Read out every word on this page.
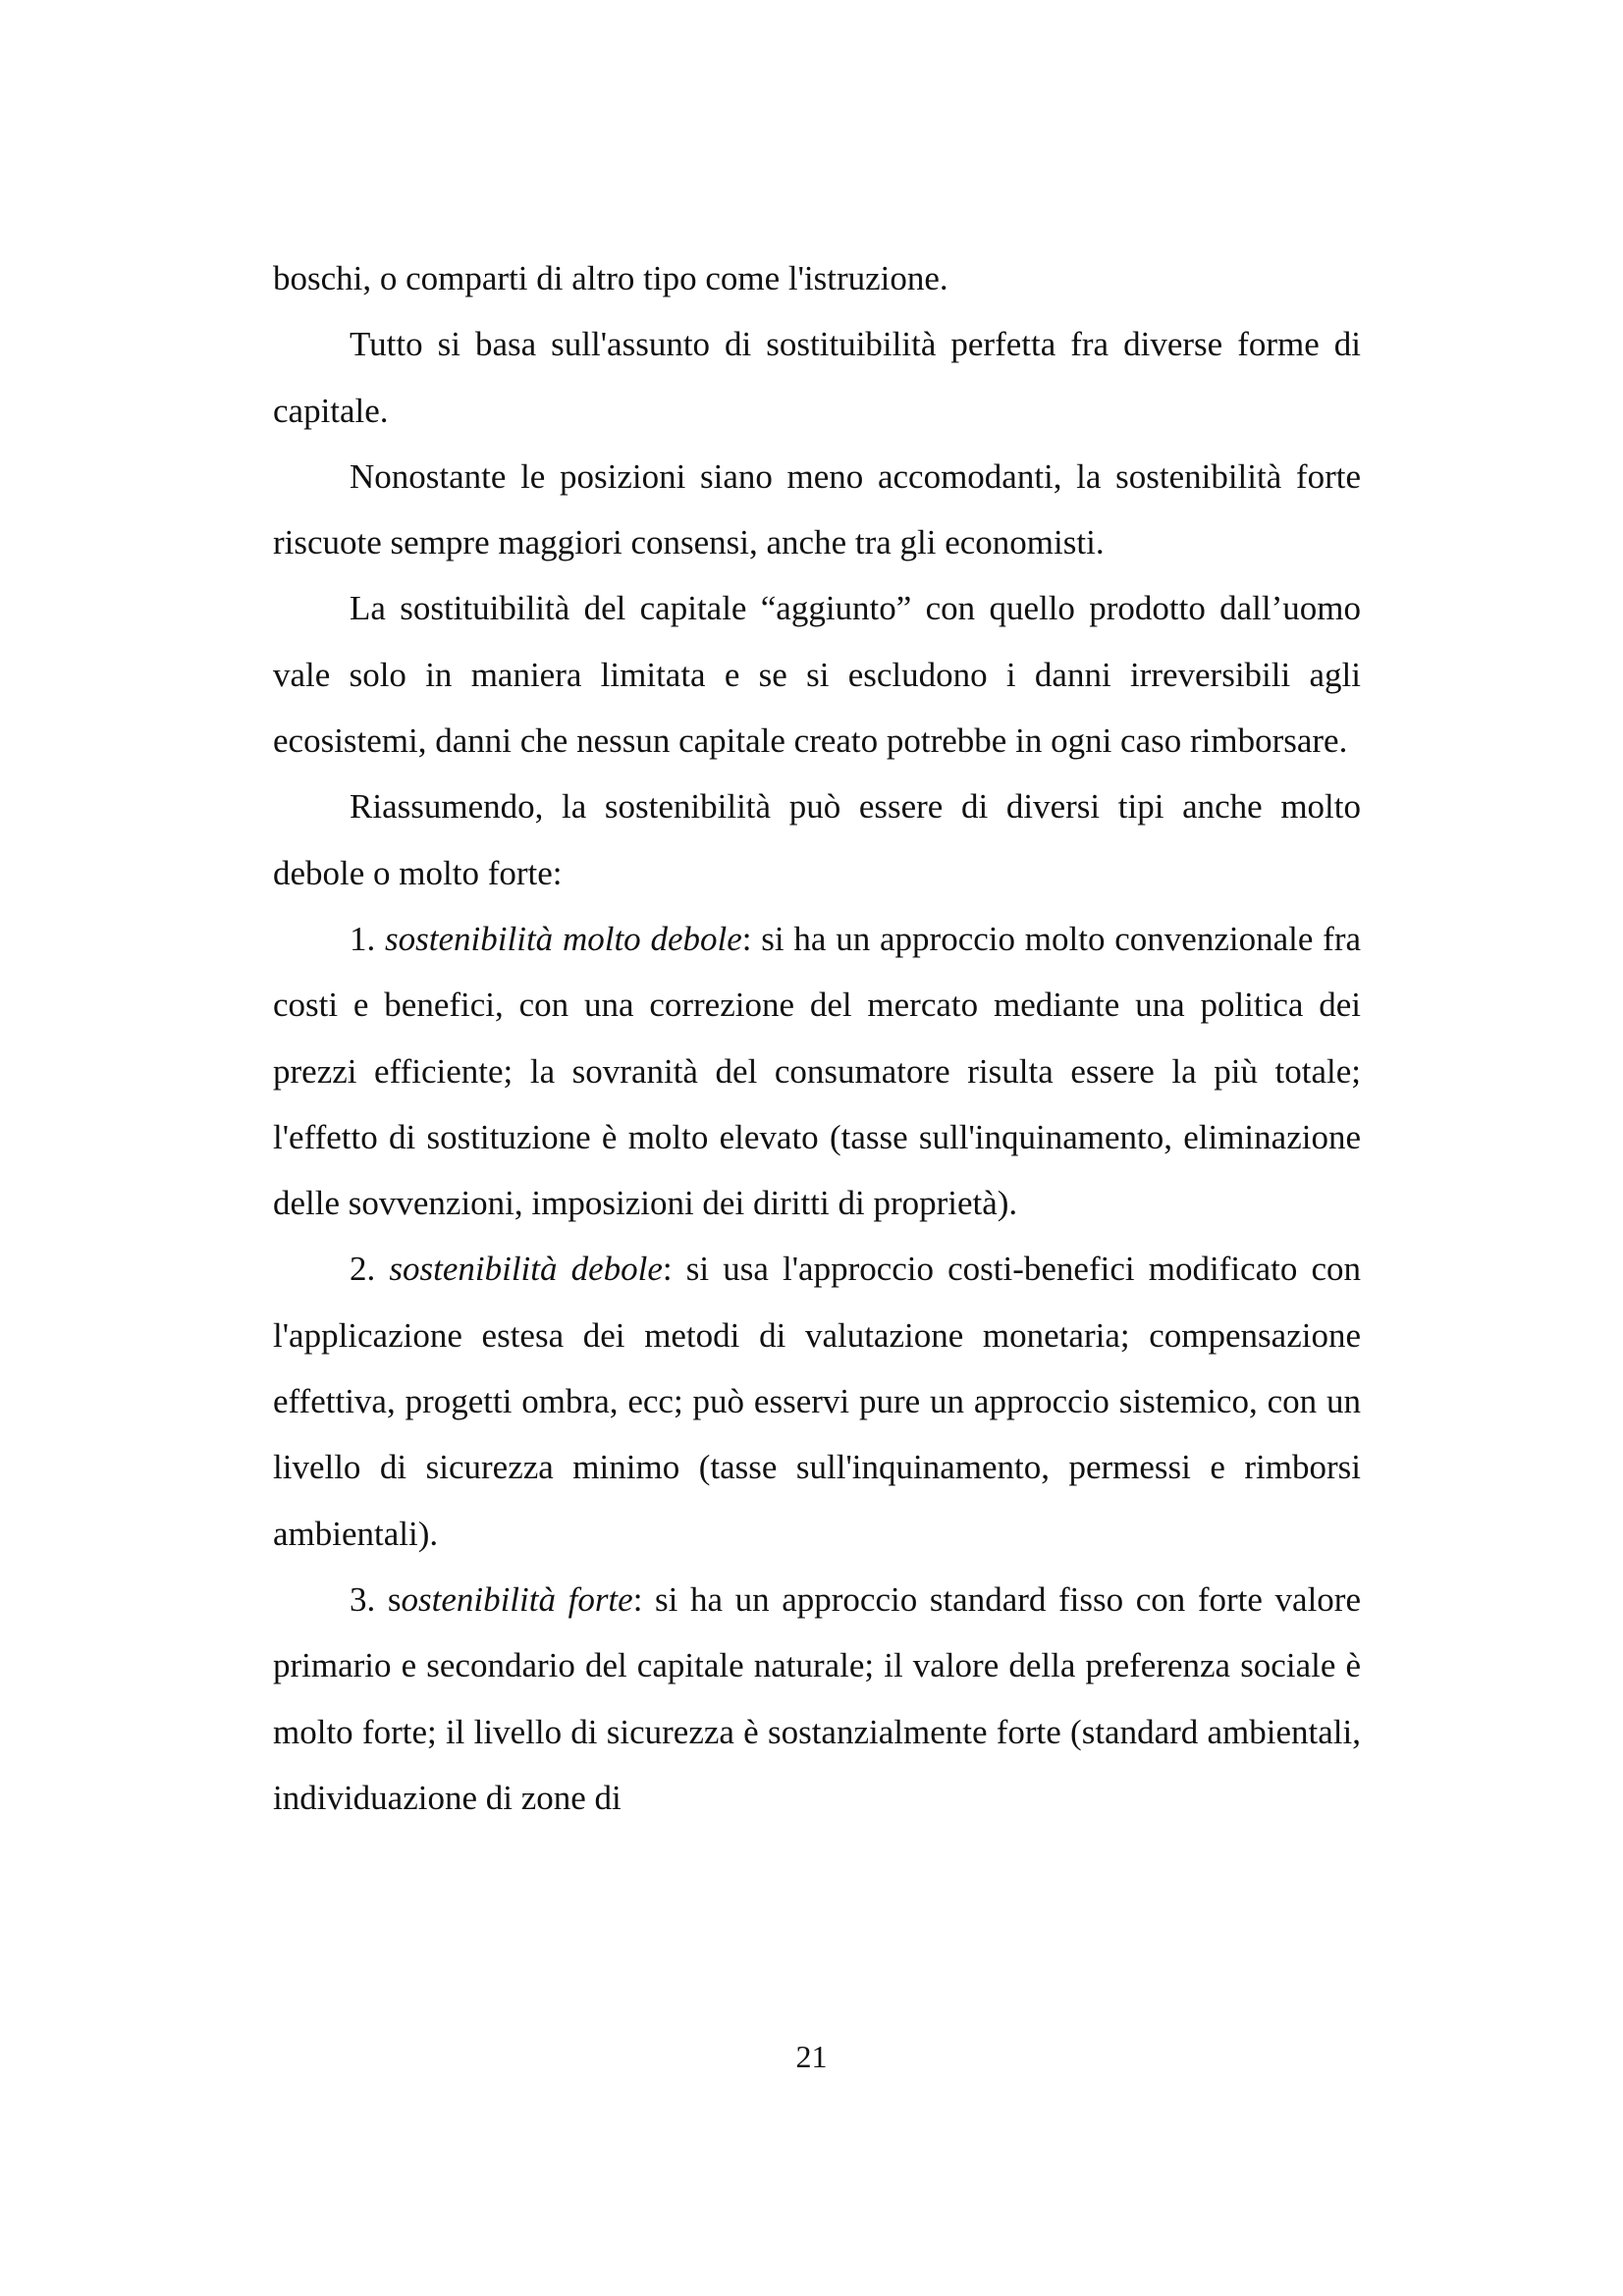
boschi, o comparti di altro tipo come l'istruzione.

Tutto si basa sull'assunto di sostituibilità perfetta fra diverse forme di capitale.

Nonostante le posizioni siano meno accomodanti, la sostenibilità forte riscuote sempre maggiori consensi, anche tra gli economisti.

La sostituibilità del capitale “aggiunto” con quello prodotto dall’uomo vale solo in maniera limitata e se si escludono i danni irreversibili agli ecosistemi, danni che nessun capitale creato potrebbe in ogni caso rimborsare.

Riassumendo, la sostenibilità può essere di diversi tipi anche molto debole o molto forte:

1. sostenibilità molto debole: si ha un approccio molto convenzionale fra costi e benefici, con una correzione del mercato mediante una politica dei prezzi efficiente; la sovranità del consumatore risulta essere la più totale; l'effetto di sostituzione è molto elevato (tasse sull'inquinamento, eliminazione delle sovvenzioni, imposizioni dei diritti di proprietà).

2. sostenibilità debole: si usa l'approccio costi-benefici modificato con l'applicazione estesa dei metodi di valutazione monetaria; compensazione effettiva, progetti ombra, ecc; può esservi pure un approccio sistemico, con un livello di sicurezza minimo (tasse sull'inquinamento, permessi e rimborsi ambientali).

3. sostenibilità forte: si ha un approccio standard fisso con forte valore primario e secondario del capitale naturale; il valore della preferenza sociale è molto forte; il livello di sicurezza è sostanzialmente forte (standard ambientali, individuazione di zone di

21
